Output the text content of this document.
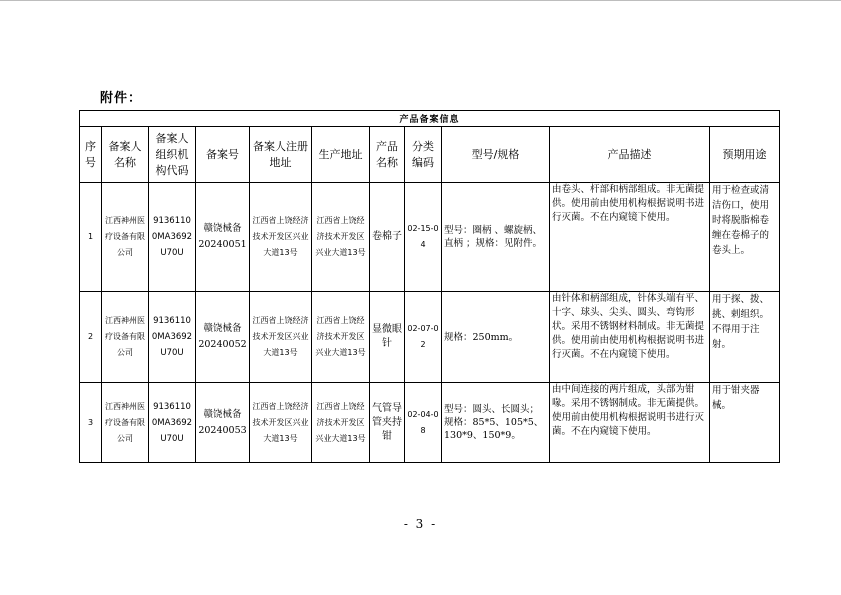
附件：
产品备案信息										
序号	备案人名称	备案人组织机构代码	备案号	备案人注册地址	生产地址	产品名称	分类编码	型号/规格	产品描述	预期用途
1	江西神州医疗设备有限公司	91361100MA3692U70U	赣饶械备20240051	江西省上饶经济技术开发区兴业大道13号	江西省上饶经济技术开发区兴业大道13号	卷棉子	02-15-04	型号：圈柄 、螺旋柄、直柄 ；规格：见附件。	由卷头、杆部和柄部组成。非无菌提供。使用前由使用机构根据说明书进行灭菌。不在内窥镜下使用。	用于检查或清洁伤口，使用时将脱脂棉卷缠在卷棉子的卷头上。
2	江西神州医疗设备有限公司	91361100MA3692U70U	赣饶械备20240052	江西省上饶经济技术开发区兴业大道13号	江西省上饶经济技术开发区兴业大道13号	显微眼针	02-07-02	规格：250mm。	由针体和柄部组成，针体头端有平、十字、球头、尖头、圆头、弯钩形状。采用不锈钢材料制成。非无菌提供。使用前由使用机构根据说明书进行灭菌。不在内窥镜下使用。	用于探、拨、挑、剌组织。不得用于注射。
3	江西神州医疗设备有限公司	91361100MA3692U70U	赣饶械备20240053	江西省上饶经济技术开发区兴业大道13号	江西省上饶经济技术开发区兴业大道13号	气管导管夹持钳	02-04-08	型号：圆头、长圆头；规格：85*5、105*5、130*9、150*9。	由中间连接的两片组成，头部为钳喙。采用不锈钢制成。非无菌提供。使用前由使用机构根据说明书进行灭菌。不在内窥镜下使用。	用于钳夹器械。
- 3 -
